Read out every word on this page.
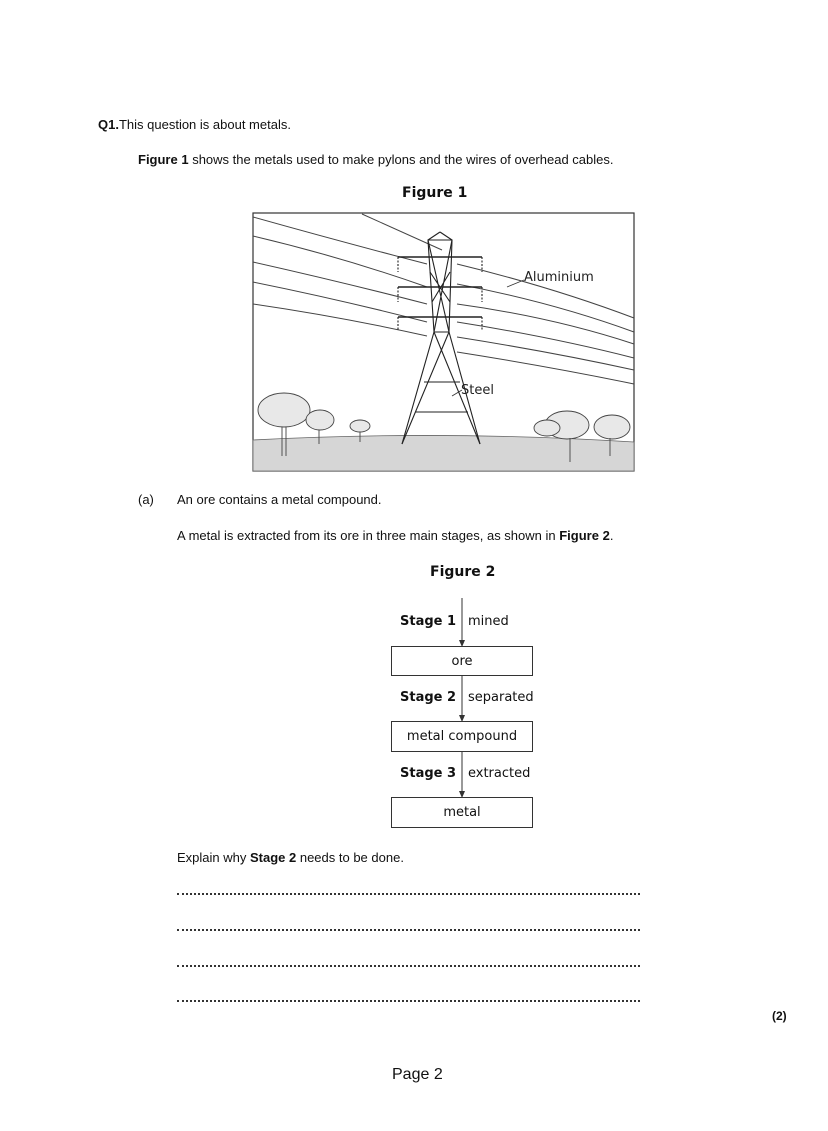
Q1.This question is about metals.
Figure 1 shows the metals used to make pylons and the wires of overhead cables.
Figure 1
Aluminium
Steel
(a) An ore contains a metal compound.
A metal is extracted from its ore in three main stages, as shown in Figure 2.
Figure 2
Stage 1 mined
ore
Stage 2 separated
metal compound
Stage 3 extracted
metal
Explain why Stage 2 needs to be done.
(2)
Page 2
